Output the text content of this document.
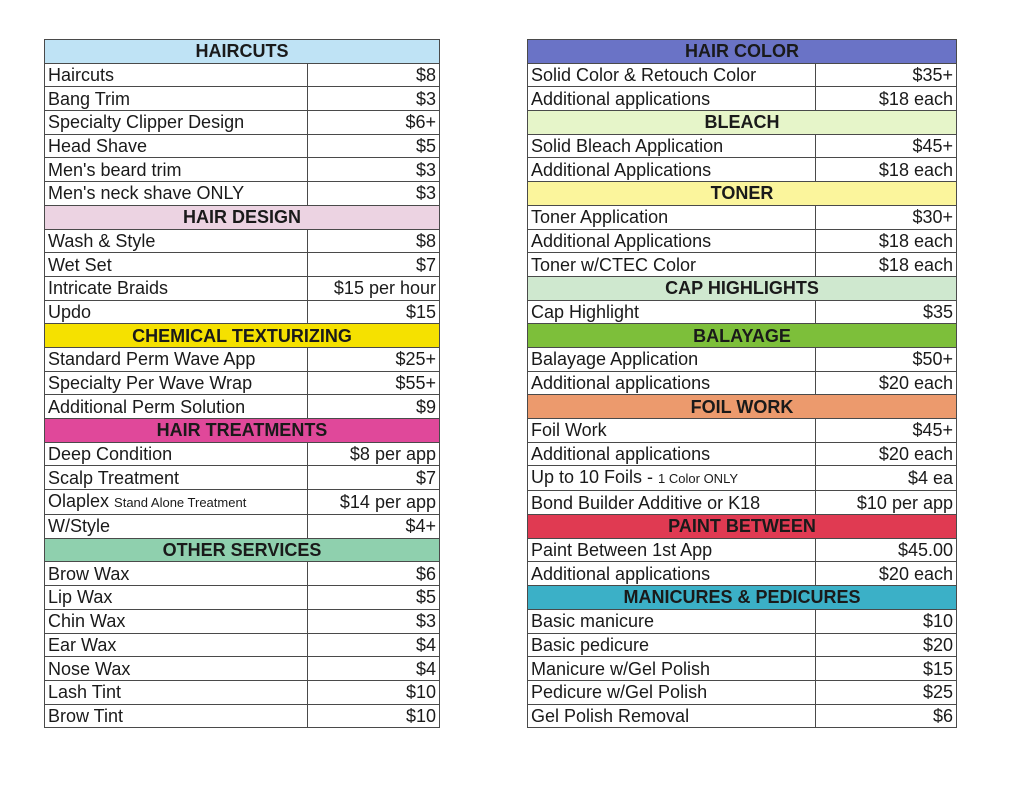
HAIRCUTS	
Haircuts	$8
Bang Trim	$3
Specialty Clipper Design	$6+
Head Shave	$5
Men's beard trim	$3
Men's neck shave ONLY	$3
HAIR DESIGN	
Wash & Style	$8
Wet Set	$7
Intricate Braids	$15 per hour
Updo	$15
CHEMICAL TEXTURIZING	
Standard Perm Wave App	$25+
Specialty Per Wave Wrap	$55+
Additional Perm Solution	$9
HAIR TREATMENTS	
Deep Condition	$8 per app
Scalp Treatment	$7
Olaplex Stand Alone Treatment	$14 per app
W/Style	$4+
OTHER SERVICES	
Brow Wax	$6
Lip Wax	$5
Chin Wax	$3
Ear Wax	$4
Nose Wax	$4
Lash Tint	$10
Brow Tint	$10
HAIR COLOR	
Solid Color & Retouch Color	$35+
Additional applications	$18 each
BLEACH	
Solid Bleach Application	$45+
Additional Applications	$18 each
TONER	
Toner Application	$30+
Additional Applications	$18 each
Toner w/CTEC Color	$18 each
CAP HIGHLIGHTS	
Cap Highlight	$35
BALAYAGE	
Balayage Application	$50+
Additional applications	$20 each
FOIL WORK	
Foil Work	$45+
Additional applications	$20 each
Up to 10 Foils - 1 Color ONLY	$4 ea
Bond Builder Additive or K18	$10 per app
PAINT BETWEEN	
Paint Between 1st App	$45.00
Additional applications	$20 each
MANICURES & PEDICURES	
Basic manicure	$10
Basic pedicure	$20
Manicure w/Gel Polish	$15
Pedicure w/Gel Polish	$25
Gel Polish Removal	$6
